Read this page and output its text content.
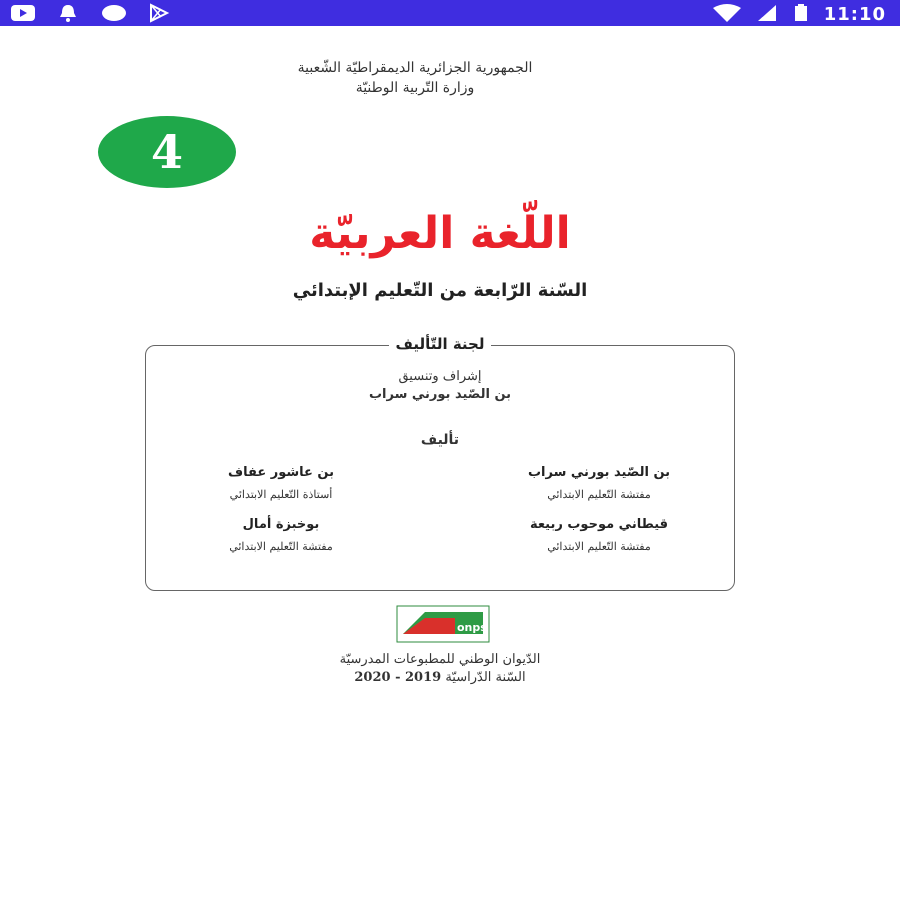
11:10
الجمهورية الجزائرية الديمقراطيّة الشّعبية
وزارة التّربية الوطنيّة
4
اللّغة العربيّة
السّنة الرّابعة من التّعليم الإبتدائي
لجنة التّأليف
إشراف وتنسيق
بن الصّيد بورني سراب
تأليف
بن الصّيد بورني سراب
مفتشة التّعليم الابتدائي
بن عاشور عفاف
أستاذة التّعليم الابتدائي
قيطاني موحوب ربيعة
مفتشة التّعليم الابتدائي
بوخبزة أمال
مفتشة التّعليم الابتدائي
onps
الدّيوان الوطني للمطبوعات المدرسيّة
السّنة الدّراسيّة 2020 - 2019
